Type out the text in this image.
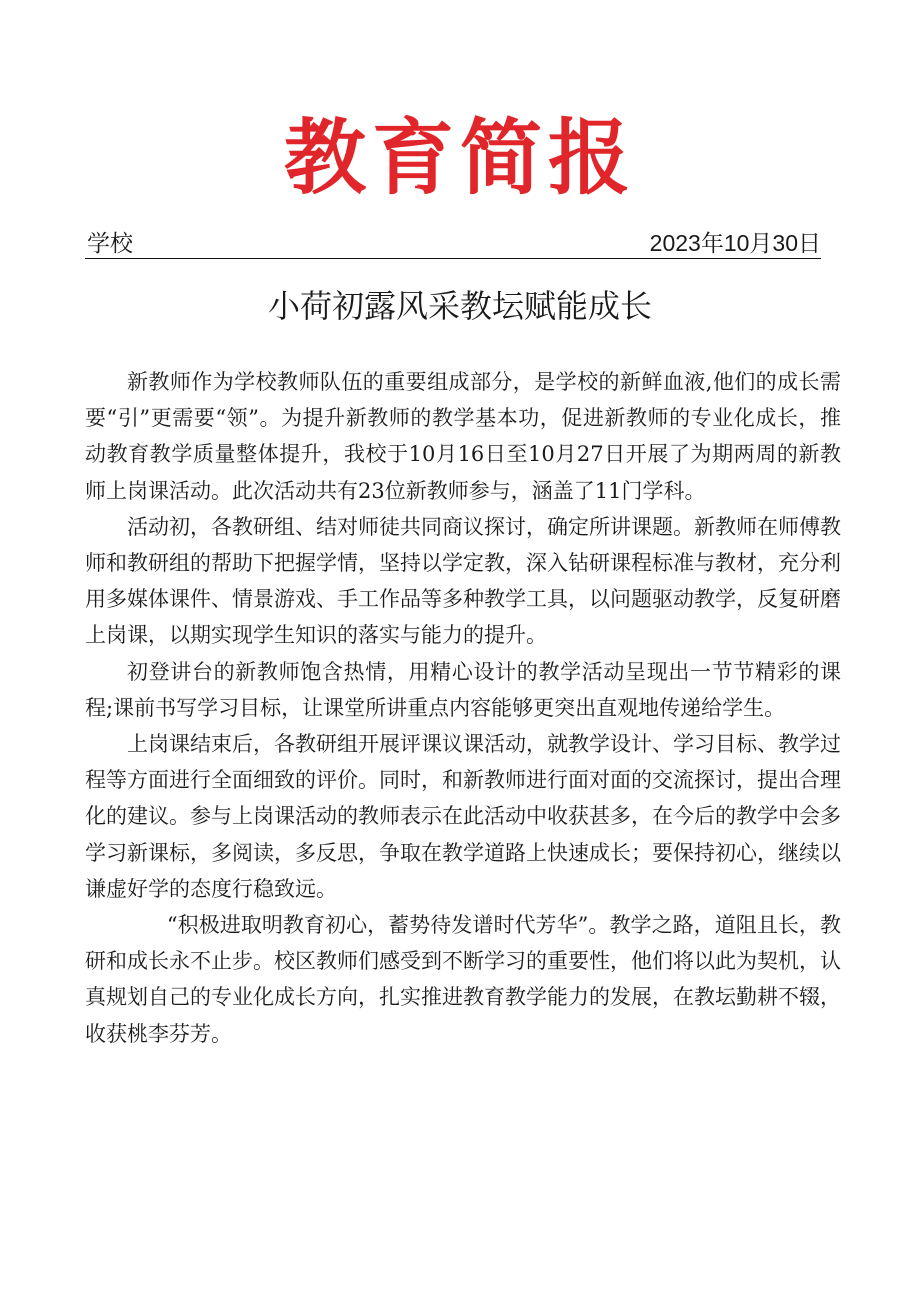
教育简报
学校	2023年10月30日
小荷初露风采教坛赋能成长

新教师作为学校教师队伍的重要组成部分，是学校的新鲜血液,他们的成长需要“引”更需要“领”。为提升新教师的教学基本功，促进新教师的专业化成长，推动教育教学质量整体提升，我校于10月16日至10月27日开展了为期两周的新教师上岗课活动。此次活动共有23位新教师参与，涵盖了11门学科。

活动初，各教研组、结对师徒共同商议探讨，确定所讲课题。新教师在师傅教师和教研组的帮助下把握学情，坚持以学定教，深入钻研课程标准与教材，充分利用多媒体课件、情景游戏、手工作品等多种教学工具，以问题驱动教学，反复研磨上岗课，以期实现学生知识的落实与能力的提升。

初登讲台的新教师饱含热情，用精心设计的教学活动呈现出一节节精彩的课程;课前书写学习目标，让课堂所讲重点内容能够更突出直观地传递给学生。

上岗课结束后，各教研组开展评课议课活动，就教学设计、学习目标、教学过程等方面进行全面细致的评价。同时，和新教师进行面对面的交流探讨，提出合理化的建议。参与上岗课活动的教师表示在此活动中收获甚多，在今后的教学中会多学习新课标，多阅读，多反思，争取在教学道路上快速成长；要保持初心，继续以谦虚好学的态度行稳致远。

“积极进取明教育初心，蓄势待发谱时代芳华”。教学之路，道阻且长，教研和成长永不止步。校区教师们感受到不断学习的重要性，他们将以此为契机，认真规划自己的专业化成长方向，扎实推进教育教学能力的发展，在教坛勤耕不辍，收获桃李芬芳。
